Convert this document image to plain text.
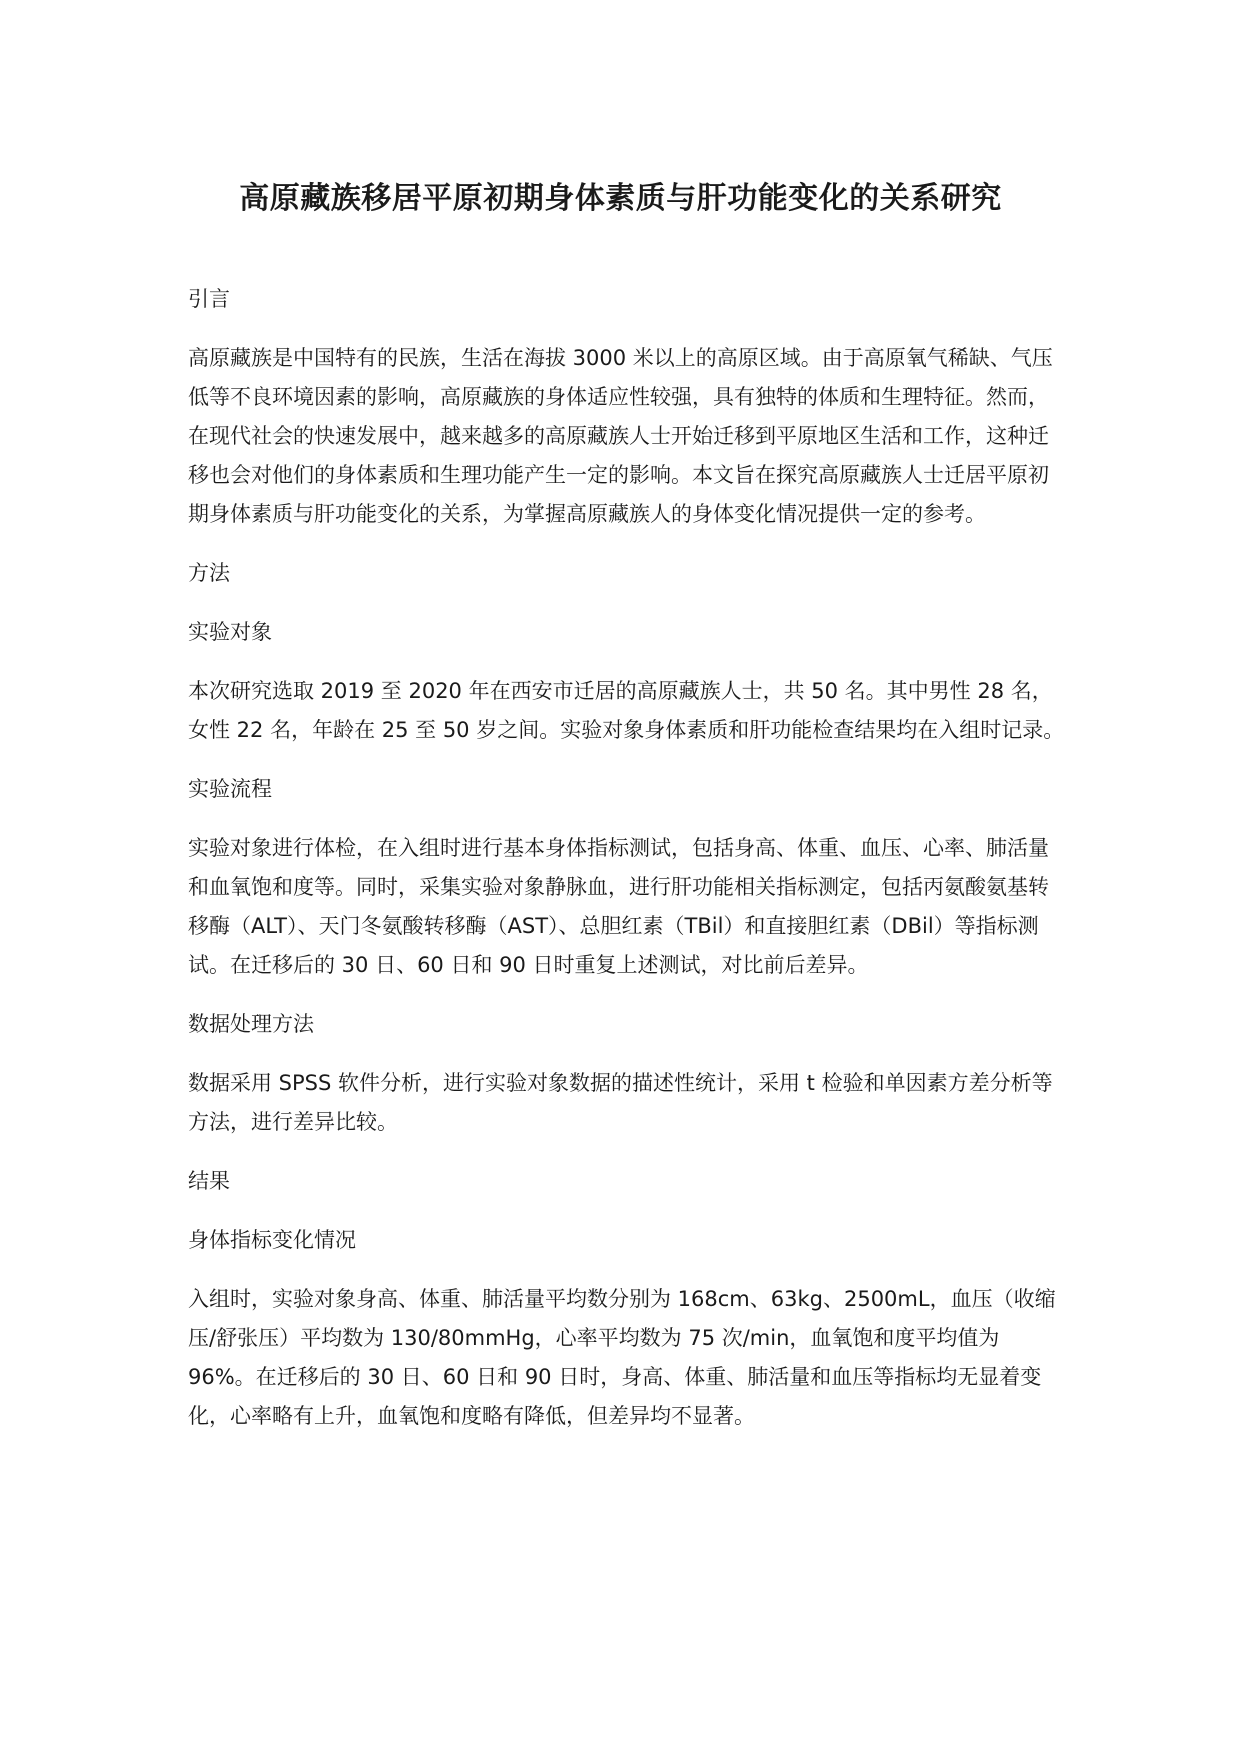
高原藏族移居平原初期身体素质与肝功能变化的关系研究
引言
高原藏族是中国特有的民族，生活在海拔 3000 米以上的高原区域。由于高原氧气稀缺、气压低等不良环境因素的影响，高原藏族的身体适应性较强，具有独特的体质和生理特征。然而，在现代社会的快速发展中，越来越多的高原藏族人士开始迁移到平原地区生活和工作，这种迁移也会对他们的身体素质和生理功能产生一定的影响。本文旨在探究高原藏族人士迁居平原初期身体素质与肝功能变化的关系，为掌握高原藏族人的身体变化情况提供一定的参考。
方法
实验对象
本次研究选取 2019 至 2020 年在西安市迁居的高原藏族人士，共 50 名。其中男性 28 名，女性 22 名，年龄在 25 至 50 岁之间。实验对象身体素质和肝功能检查结果均在入组时记录。
实验流程
实验对象进行体检，在入组时进行基本身体指标测试，包括身高、体重、血压、心率、肺活量和血氧饱和度等。同时，采集实验对象静脉血，进行肝功能相关指标测定，包括丙氨酸氨基转移酶（ALT）、天门冬氨酸转移酶（AST）、总胆红素（TBil）和直接胆红素（DBil）等指标测试。在迁移后的 30 日、60 日和 90 日时重复上述测试，对比前后差异。
数据处理方法
数据采用 SPSS 软件分析，进行实验对象数据的描述性统计，采用 t 检验和单因素方差分析等方法，进行差异比较。
结果
身体指标变化情况
入组时，实验对象身高、体重、肺活量平均数分别为 168cm、63kg、2500mL，血压（收缩压/舒张压）平均数为 130/80mmHg，心率平均数为 75 次/min，血氧饱和度平均值为 96%。在迁移后的 30 日、60 日和 90 日时，身高、体重、肺活量和血压等指标均无显着变化，心率略有上升，血氧饱和度略有降低，但差异均不显著。
